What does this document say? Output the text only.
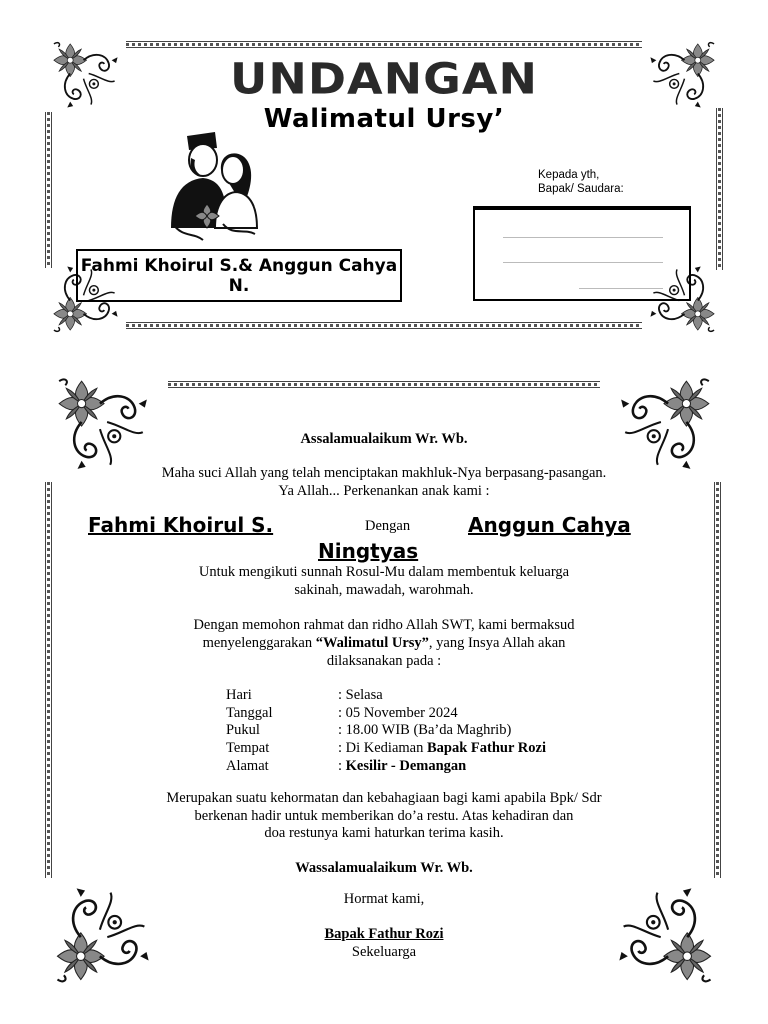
UNDANGAN
Walimatul Ursy’
Fahmi Khoirul S.& Anggun Cahya N.
Kepada yth,
Bapak/ Saudara:
Assalamualaikum Wr. Wb.
Maha suci Allah yang telah menciptakan makhluk-Nya berpasang-pasangan.
Ya Allah... Perkenankan anak kami :
Fahmi Khoirul S.	Dengan	Anggun Cahya
Ningtyas
Untuk mengikuti sunnah Rosul-Mu dalam membentuk keluarga
sakinah, mawadah, warohmah.
Dengan memohon rahmat dan ridho Allah SWT, kami bermaksud
menyelenggarakan “Walimatul Ursy”, yang Insya Allah akan
dilaksanakan pada :
Hari	: Selasa
Tanggal	: 05 November 2024
Pukul	: 18.00 WIB (Ba’da Maghrib)
Tempat	: Di Kediaman Bapak Fathur Rozi
Alamat	: Kesilir - Demangan
Merupakan suatu kehormatan dan kebahagiaan bagi kami apabila Bpk/ Sdr
berkenan hadir untuk memberikan do’a restu. Atas kehadiran dan
doa restunya kami haturkan terima kasih.
Wassalamualaikum Wr. Wb.
Hormat kami,
Bapak Fathur Rozi
Sekeluarga
